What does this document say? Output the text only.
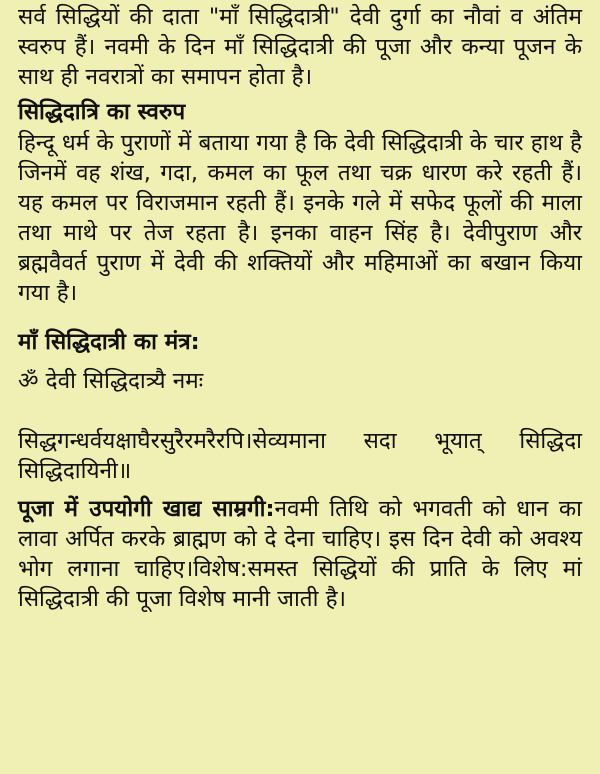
सर्व सिद्धियों की दाता "माँ सिद्धिदात्री" देवी दुर्गा का नौवां व अंतिम स्वरुप हैं। नवमी के दिन माँ सिद्धिदात्री की पूजा और कन्या पूजन के साथ ही नवरात्रों का समापन होता है।

सिद्धिदात्रि का स्वरुप

हिन्दू धर्म के पुराणों में बताया गया है कि देवी सिद्धिदात्री के चार हाथ है जिनमें वह शंख, गदा, कमल का फूल तथा चक्र धारण करे रहती हैं। यह कमल पर विराजमान रहती हैं। इनके गले में सफेद फूलों की माला तथा माथे पर तेज रहता है। इनका वाहन सिंह है। देवीपुराण और ब्रह्मवैवर्त पुराण में देवी की शक्तियों और महिमाओं का बखान किया गया है।

माँ सिद्धिदात्री का मंत्र:

ॐ देवी सिद्धिदात्र्यै नमः

सिद्धगन्धर्वयक्षाघैरसुरैरमरैरपि।सेव्यमाना सदा भूयात् सिद्धिदा सिद्धिदायिनी॥

पूजा में उपयोगी खाद्य साम्रगी:नवमी तिथि को भगवती को धान का लावा अर्पित करके ब्राह्मण को दे देना चाहिए। इस दिन देवी को अवश्य भोग लगाना चाहिए।विशेष:समस्त सिद्धियों की प्राति के लिए मां सिद्धिदात्री की पूजा विशेष मानी जाती है।
